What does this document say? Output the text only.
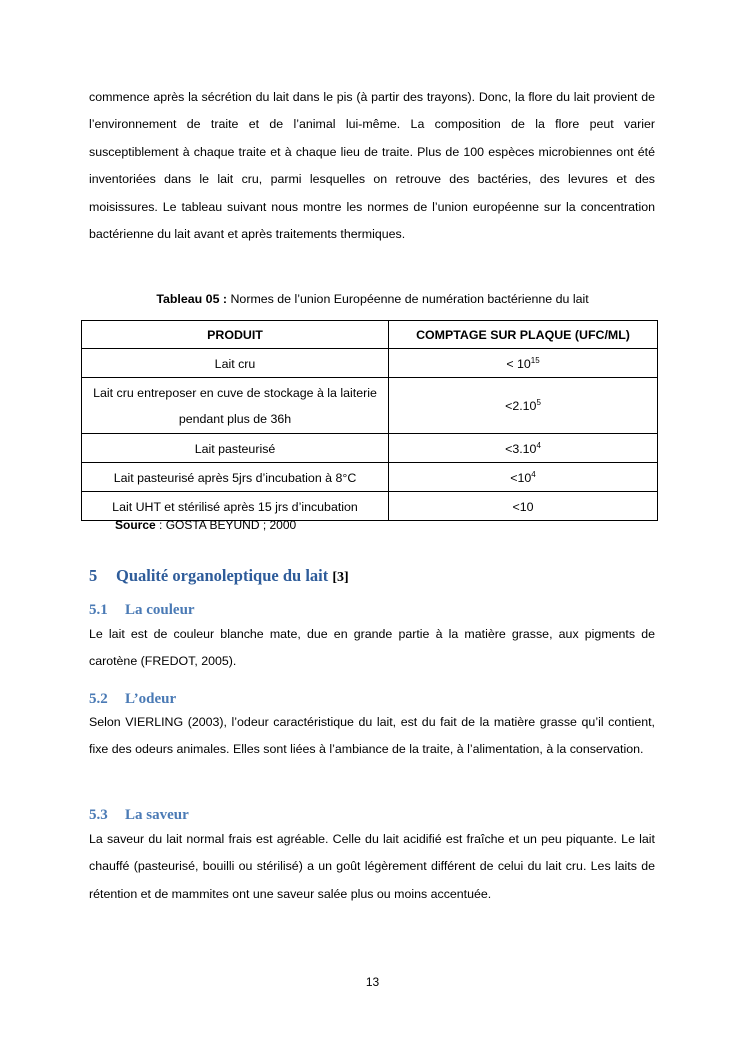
commence après la sécrétion du lait dans le pis (à partir des trayons). Donc, la flore du lait provient de l’environnement de traite et de l’animal lui-même. La composition de la flore peut varier susceptiblement à chaque traite et à chaque lieu de traite. Plus de 100 espèces microbiennes ont été inventoriées dans le lait cru, parmi lesquelles on retrouve des bactéries, des levures et des moisissures. Le tableau suivant nous montre les normes de l’union européenne sur la concentration bactérienne du lait avant et après traitements thermiques.

Tableau 05 : Normes de l’union Européenne de numération bactérienne du lait
PRODUIT	COMPTAGE SUR PLAQUE (UFC/ML)
Lait cru	< $10^{15}$
Lait cru entreposer en cuve de stockage à la laiterie pendant plus de 36h	$<2.10^5$
Lait pasteurisé	$<3.10^4$
Lait pasteurisé après 5jrs d’incubation à 8°C	$<10^4$
Lait UHT et stérilisé après 15 jrs d’incubation	<10
Source : GOSTA BEYUND ; 2000
5 Qualité organoleptique du lait [3]
5.1 La couleur

Le lait est de couleur blanche mate, due en grande partie à la matière grasse, aux pigments de carotène (FREDOT, 2005).

5.2 L’odeur

Selon VIERLING (2003), l’odeur caractéristique du lait, est du fait de la matière grasse qu’il contient, fixe des odeurs animales. Elles sont liées à l’ambiance de la traite, à l’alimentation, à la conservation.

5.3 La saveur

La saveur du lait normal frais est agréable. Celle du lait acidifié est fraîche et un peu piquante. Le lait chauffé (pasteurisé, bouilli ou stérilisé) a un goût légèrement différent de celui du lait cru. Les laits de rétention et de mammites ont une saveur salée plus ou moins accentuée.

13
